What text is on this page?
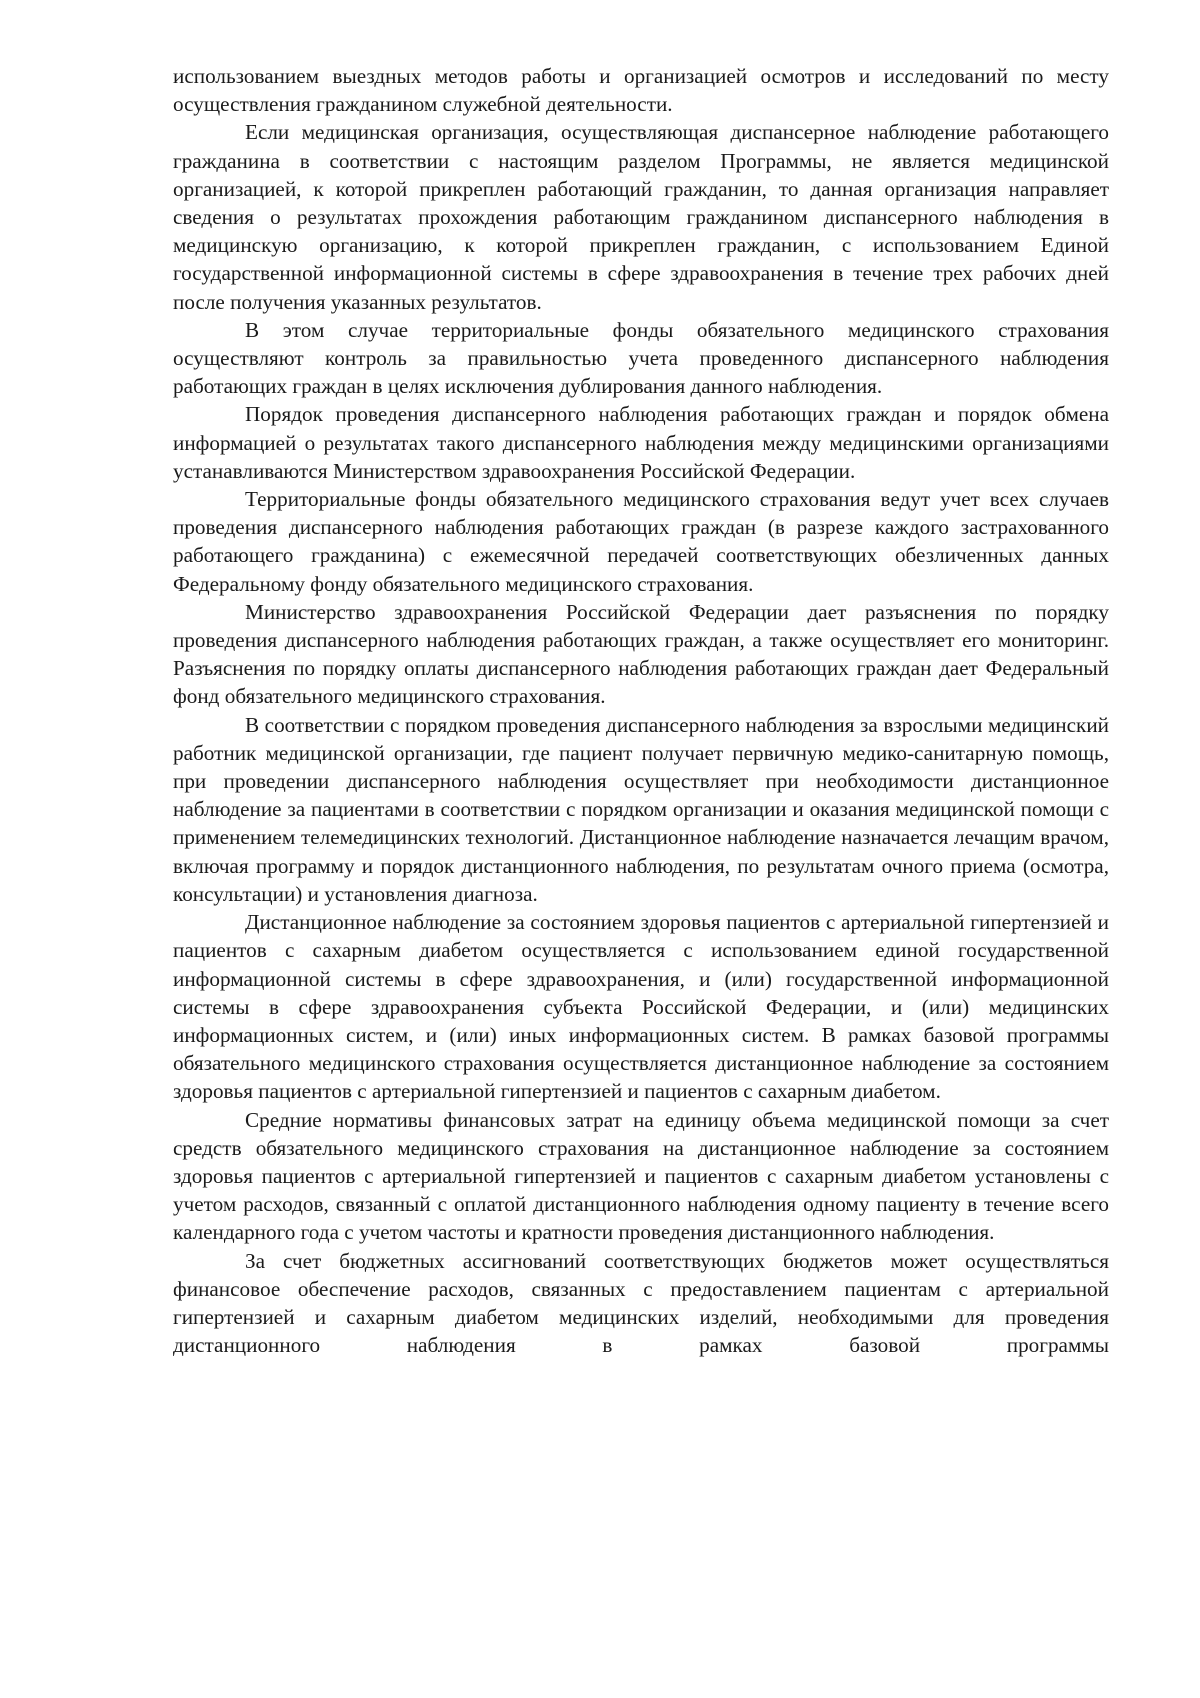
использованием выездных методов работы и организацией осмотров и исследований по месту осуществления гражданином служебной деятельности.

Если медицинская организация, осуществляющая диспансерное наблюдение работающего гражданина в соответствии с настоящим разделом Программы, не является медицинской организацией, к которой прикреплен работающий гражданин, то данная организация направляет сведения о результатах прохождения работающим гражданином диспансерного наблюдения в медицинскую организацию, к которой прикреплен гражданин, с использованием Единой государственной информационной системы в сфере здравоохранения в течение трех рабочих дней после получения указанных результатов.

В этом случае территориальные фонды обязательного медицинского страхования осуществляют контроль за правильностью учета проведенного диспансерного наблюдения работающих граждан в целях исключения дублирования данного наблюдения.

Порядок проведения диспансерного наблюдения работающих граждан и порядок обмена информацией о результатах такого диспансерного наблюдения между медицинскими организациями устанавливаются Министерством здравоохранения Российской Федерации.

Территориальные фонды обязательного медицинского страхования ведут учет всех случаев проведения диспансерного наблюдения работающих граждан (в разрезе каждого застрахованного работающего гражданина) с ежемесячной передачей соответствующих обезличенных данных Федеральному фонду обязательного медицинского страхования.

Министерство здравоохранения Российской Федерации дает разъяснения по порядку проведения диспансерного наблюдения работающих граждан, а также осуществляет его мониторинг. Разъяснения по порядку оплаты диспансерного наблюдения работающих граждан дает Федеральный фонд обязательного медицинского страхования.

В соответствии с порядком проведения диспансерного наблюдения за взрослыми медицинский работник медицинской организации, где пациент получает первичную медико-санитарную помощь, при проведении диспансерного наблюдения осуществляет при необходимости дистанционное наблюдение за пациентами в соответствии с порядком организации и оказания медицинской помощи с применением телемедицинских технологий. Дистанционное наблюдение назначается лечащим врачом, включая программу и порядок дистанционного наблюдения, по результатам очного приема (осмотра, консультации) и установления диагноза.

Дистанционное наблюдение за состоянием здоровья пациентов с артериальной гипертензией и пациентов с сахарным диабетом осуществляется с использованием единой государственной информационной системы в сфере здравоохранения, и (или) государственной информационной системы в сфере здравоохранения субъекта Российской Федерации, и (или) медицинских информационных систем, и (или) иных информационных систем. В рамках базовой программы обязательного медицинского страхования осуществляется дистанционное наблюдение за состоянием здоровья пациентов с артериальной гипертензией и пациентов с сахарным диабетом.

Средние нормативы финансовых затрат на единицу объема медицинской помощи за счет средств обязательного медицинского страхования на дистанционное наблюдение за состоянием здоровья пациентов с артериальной гипертензией и пациентов с сахарным диабетом установлены с учетом расходов, связанный с оплатой дистанционного наблюдения одному пациенту в течение всего календарного года с учетом частоты и кратности проведения дистанционного наблюдения.

За счет бюджетных ассигнований соответствующих бюджетов может осуществляться финансовое обеспечение расходов, связанных с предоставлением пациентам с артериальной гипертензией и сахарным диабетом медицинских изделий, необходимыми для проведения дистанционного наблюдения в рамках базовой программы
